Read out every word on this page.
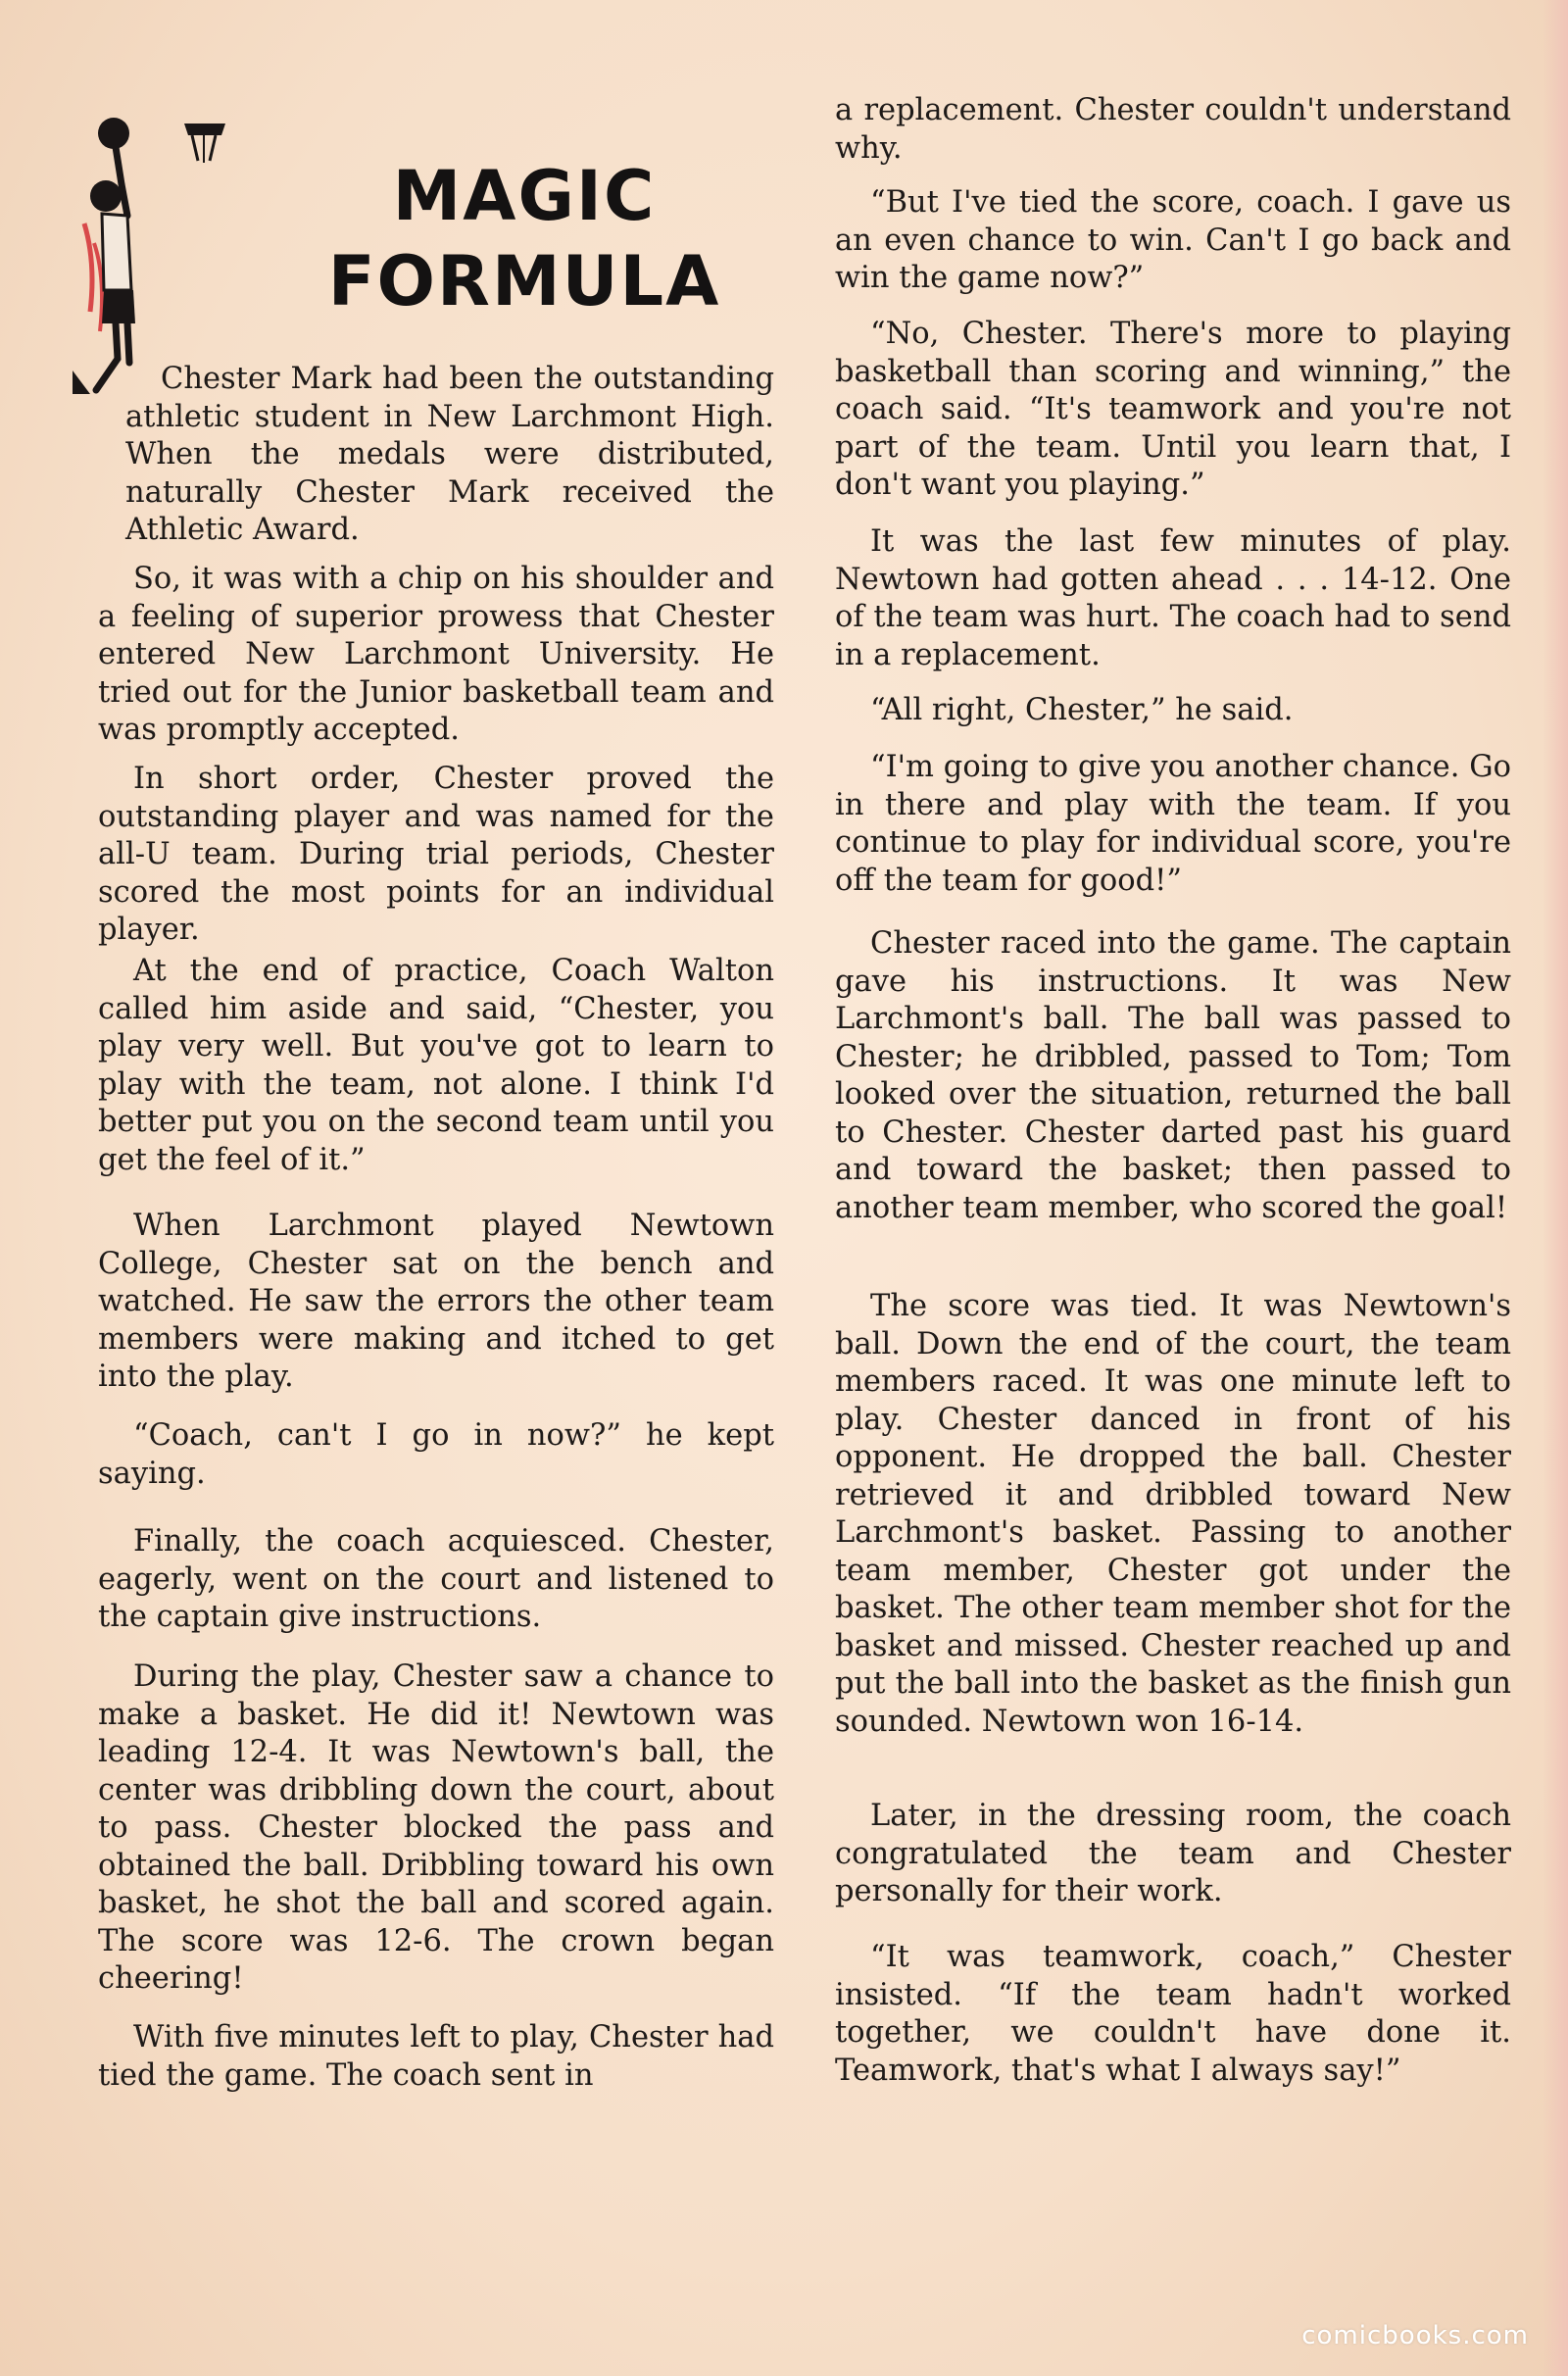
MAGIC
FORMULA

Chester Mark had been the outstanding athletic student in New Larchmont High. When the medals were distributed, naturally Chester Mark received the Athletic Award.

So, it was with a chip on his shoulder and a feeling of superior prowess that Chester entered New Larchmont University. He tried out for the Junior basketball team and was promptly accepted.

In short order, Chester proved the outstanding player and was named for the all-U team. During trial periods, Chester scored the most points for an individual player.

At the end of practice, Coach Walton called him aside and said, “Chester, you play very well. But you've got to learn to play with the team, not alone. I think I'd better put you on the second team until you get the feel of it.”

When Larchmont played Newtown College, Chester sat on the bench and watched. He saw the errors the other team members were making and itched to get into the play.

“Coach, can't I go in now?” he kept saying.

Finally, the coach acquiesced. Chester, eagerly, went on the court and listened to the captain give instructions.

During the play, Chester saw a chance to make a basket. He did it! Newtown was leading 12-4. It was Newtown's ball, the center was dribbling down the court, about to pass. Chester blocked the pass and obtained the ball. Dribbling toward his own basket, he shot the ball and scored again. The score was 12-6. The crown began cheering!

With five minutes left to play, Chester had tied the game. The coach sent in

a replacement. Chester couldn't understand why.

“But I've tied the score, coach. I gave us an even chance to win. Can't I go back and win the game now?”

“No, Chester. There's more to playing basketball than scoring and winning,” the coach said. “It's teamwork and you're not part of the team. Until you learn that, I don't want you playing.”

It was the last few minutes of play. Newtown had gotten ahead . . . 14-12. One of the team was hurt. The coach had to send in a replacement.

“All right, Chester,” he said.

“I'm going to give you another chance. Go in there and play with the team. If you continue to play for individual score, you're off the team for good!”

Chester raced into the game. The captain gave his instructions. It was New Larchmont's ball. The ball was passed to Chester; he dribbled, passed to Tom; Tom looked over the situation, returned the ball to Chester. Chester darted past his guard and toward the basket; then passed to another team member, who scored the goal!

The score was tied. It was Newtown's ball. Down the end of the court, the team members raced. It was one minute left to play. Chester danced in front of his opponent. He dropped the ball. Chester retrieved it and dribbled toward New Larchmont's basket. Passing to another team member, Chester got under the basket. The other team member shot for the basket and missed. Chester reached up and put the ball into the basket as the finish gun sounded. Newtown won 16-14.

Later, in the dressing room, the coach congratulated the team and Chester personally for their work.

“It was teamwork, coach,” Chester insisted. “If the team hadn't worked together, we couldn't have done it. Teamwork, that's what I always say!”

comicbooks.com
